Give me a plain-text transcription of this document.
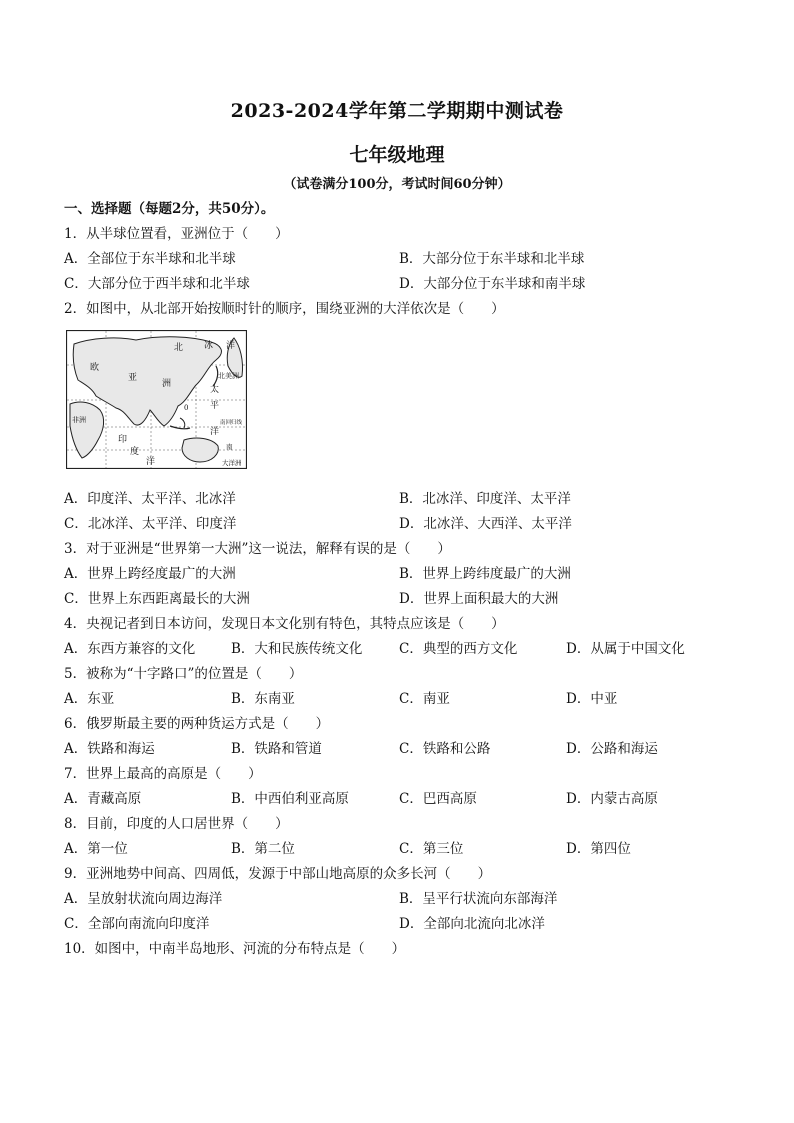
2023-2024学年第二学期期中测试卷
七年级地理
（试卷满分100分，考试时间60分钟）
一、选择题（每题2分，共50分）。
1．从半球位置看，亚洲位于（　　）
A．全部位于东半球和北半球	B．大部分位于东半球和北半球
C．大部分位于西半球和北半球	D．大部分位于东半球和南半球
2．如图中，从北部开始按顺时针的顺序，围绕亚洲的大洋依次是（　　）
北 冰 洋
欧
亚
洲
非洲
北美洲
太
平
洋
印
度
洋
南回归线
大洋洲
南
0
A．印度洋、太平洋、北冰洋	B．北冰洋、印度洋、太平洋
C．北冰洋、太平洋、印度洋	D．北冰洋、大西洋、太平洋
3．对于亚洲是“世界第一大洲”这一说法，解释有误的是（　　）
A．世界上跨经度最广的大洲	B．世界上跨纬度最广的大洲
C．世界上东西距离最长的大洲	D．世界上面积最大的大洲
4．央视记者到日本访问，发现日本文化别有特色，其特点应该是（　　）
A．东西方兼容的文化	B．大和民族传统文化	C．典型的西方文化	D．从属于中国文化
5．被称为“十字路口”的位置是（　　）
A．东亚	B．东南亚	C．南亚	D．中亚
6．俄罗斯最主要的两种货运方式是（　　）
A．铁路和海运	B．铁路和管道	C．铁路和公路	D．公路和海运
7．世界上最高的高原是（　　）
A．青藏高原	B．中西伯利亚高原	C．巴西高原	D．内蒙古高原
8．目前，印度的人口居世界（　　）
A．第一位	B．第二位	C．第三位	D．第四位
9．亚洲地势中间高、四周低，发源于中部山地高原的众多长河（　　）
A．呈放射状流向周边海洋	B．呈平行状流向东部海洋
C．全部向南流向印度洋	D．全部向北流向北冰洋
10．如图中，中南半岛地形、河流的分布特点是（　　）
